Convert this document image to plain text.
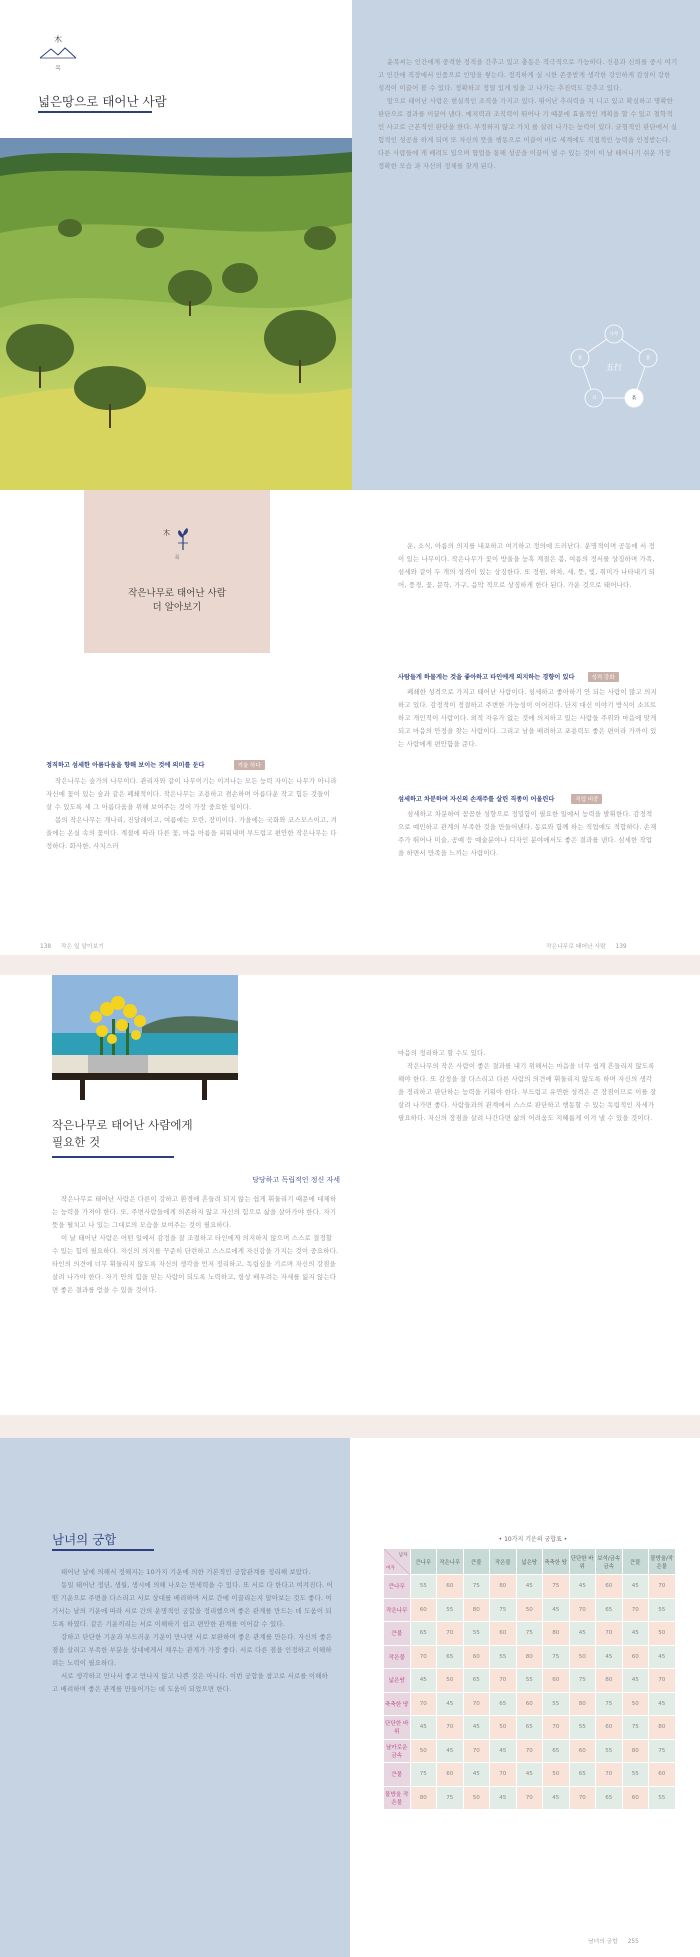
木
목
넓은땅으로 태어난 사람

윤목씨는 인간에게 중격한 정직을 간추고 있고 충동은 적극적으로 가능하다. 신용과 신뢰를 중시 여기고 인간에 직장에서 인품으로 인망을 쌓는다. 정직하게 실 시한 존중받게 생각한 강인하게 감성이 강한 성격이 이끌어 볼 수 있다. 정확하고 정열 있게 일을 고 나가는 추진력도 갖추고 있다.

앞으로 태어난 사람은 현실적인 조직을 가지고 있다. 뛰어난 추리력을 지 니고 있고 확실하고 명확한 판단으로 결과를 이끌어 낸다. 예지력과 조직력이 뛰어나 기 때문에 효율적인 계획을 할 수 있고 철학적인 사고로 근본적인 판단을 한다. 부정하지 않고 가치 를 살려 나가는 능력이 있다. 균형적인 판단에서 실험적인 성공을 하게 되며 또 자신의 뜻을 행동으로 이끌어 바로 세계에도 직접적인 능력을 인정받는다. 다른 사람들에 게 배려도 있으며 협업을 통해 성공을 이끌어 낼 수 있는 것이 이 날 태어나기 쉬운 가장 정확한 모습 과 자신의 정체를 찾게 된다.

五行
나무
불
흙
쇠
물
木
목
작은나무로 태어난 사람
더 알아보기
정직하고 섬세한 아름다움을 향해 보이는 것에 의미를 둔다	겨울 하다

작은나무는 숲가의 나무이다. 관리자와 같이 나무이기는 이겨나는 모든 능력 자이는 나무가 아니라 자신에 꽃이 있는 숲과 같은 폐쇄적이다. 작은나무는 조용하고 겸손하며 아름다운 작고 힘든 것들이 살 수 있도록 세 그 아름다움을 위해 보여주는 것이 가장 중요한 일이다.

봄의 작은나무는 개나리, 진달래이고, 여름에는 모란, 장미이다. 가을에는 국화와 코스모스이고, 겨울에는 온실 속의 꽃이다. 계절에 따라 다른 꽃, 마음 아름을 피워내며 부드럽고 편안한 작은나무는 다정하다. 화사한, 사치스러

운, 소식, 아름의 의지를 내포하고 여기하고 정의에 드러난다. 운명적이며 공동에 서 정이 있는 나무이다. 작은나무가 꽃이 방울을 능혹 계절은 봄, 여름의 정서를 상징하며 가족, 섬세와 같이 두 개의 성격이 있는 상징한다. 또 정원, 하차, 새, 뜻, 빛, 취미가 나타내기 되어, 풍경, 꽃, 문학, 가구, 음악 적으로 상징하게 한다 된다. 가운 것으로 태어나다.

사람들게 하물게는 것을 좋아하고 타인에게 의지하는 경향이 있다	성격 강화

폐쇄한 성격으로 가지고 태어난 사람이다. 섬세하고 좋아하기 안 되는 사람이 많고 의지하고 있다. 감정적이 정결하고 주변한 가능성이 이어진다. 단지 대신 이야기 방식이 소프트하고 개인적이 사람이다. 외적 자유가 없는 것에 의지하고 있는 사람들 주위와 마음에 맞게 되고 마음의 안정을 찾는 사람이다. 그리고 남을 배려하고 포용력도 좋은 편이라 가까이 있는 사람에게 편안함을 준다.

섬세하고 차분하며 자신의 손재주를 살린 직종이 어울린다	직업 비중

섬세하고 차분하여 꼼꼼한 성향으로 정밀함이 필요한 일에서 능력을 발휘한다. 감정적으로 예민하고 관계의 부족한 것을 만들어낸다. 동료와 함께 하는 직업에도 적합하다. 손재주가 뛰어나 미술, 공예 등 예술분야나 디자인 분야에서도 좋은 결과를 낸다. 섬세한 작업을 하면서 만족을 느끼는 사람이다.

138 작은 잎 알아보기	작은나무로 태어난 사람 139
작은나무로 태어난 사람에게
필요한 것
당당하고 독립적인 정신 자세

작은나무로 태어난 사람은 다른이 강하고 환경에 흔들려 되지 않는 쉽게 휘둘리기 때문에 대체하는 능력을 가져야 한다. 또, 주변사람들에게 의존하지 않고 자신의 힘으로 삶을 살아가야 한다. 자기 뜻을 펼치고 나 있는 그대로의 모습을 보여주는 것이 필요하다.

이 날 태어난 사람은 어떤 일에서 감정을 잘 조절하고 타인에게 의지하지 않으며 스스로 결정할 수 있는 힘이 필요하다. 자신의 의지를 꾸준히 단련하고 스스로에게 자신감을 가지는 것이 중요하다. 타인의 의견에 너무 휘둘리지 않도록 자신의 생각을 먼저 정리하고, 독립심을 기르며 자신의 강점을 살려 나가야 한다. 자기 안의 힘을 믿는 사람이 되도록 노력하고, 항상 배우려는 자세를 잃지 않는다면 좋은 결과를 얻을 수 있을 것이다.

마음의 정리하고 할 수도 있다.

작은나무의 작은 사람이 좋은 결과를 내기 위해서는 마음을 너무 쉽게 흔들리지 않도록 해야 한다. 또 감정을 잘 다스리고 다른 사람의 의견에 휘둘리지 않도록 하며 자신의 생각을 정리하고 판단하는 능력을 키워야 한다. 부드럽고 유연한 성격은 큰 장점이므로 이를 잘 살려 나가면 좋다. 사람들과의 관계에서 스스로 판단하고 행동할 수 있는 독립적인 자세가 필요하다. 자신의 장점을 살려 나간다면 삶의 어려움도 지혜롭게 이겨 낼 수 있을 것이다.

남녀의 궁합

태어난 날에 의해서 정해지는 10가지 기운에 의한 기본적인 궁합관계를 정리해 보았다.

동일 태어난 정년, 생월, 생시에 의해 나오는 만세력을 수 있다. 또 서로 다 한다고 여겨진다. 어떤 기운으로 주변을 다스리고 서로 상대를 배려하며 서로 간에 이끌리는지 알아보는 것도 좋다. 여기서는 날의 기운에 따라 서로 간의 운명적인 궁합을 정리했으며 좋은 관계를 만드는 데 도움이 되도록 하였다. 같은 기운끼리는 서로 이해하기 쉽고 편안한 관계를 이어갈 수 있다.

강하고 단단한 기운과 부드러운 기운이 만나면 서로 보완하며 좋은 관계를 만든다. 자신의 좋은 점을 살리고 부족한 부분을 상대에게서 채우는 관계가 가장 좋다. 서로 다른 점을 인정하고 이해하려는 노력이 필요하다.

서로 생각하고 만나서 좋고 만나지 않고 나쁜 것은 아니다. 이번 궁합을 참고로 서로를 이해하고 배려하며 좋은 관계를 만들어가는 데 도움이 되었으면 한다.

• 10가지 기운의 궁합표 •
남자
여자	큰나무	작은나무	큰불	작은불	넓은땅	축축한 땅	단단한 바위	보석/금속 금속	큰물	물방울/작은물
큰나무	55	60	75	80	45	75	45	60	45	70
작은나무	60	55	80	75	50	45	70	65	70	55
큰불	65	70	55	60	75	80	45	70	45	50
작은불	70	65	60	55	80	75	50	45	60	45
넓은땅	45	50	65	70	55	60	75	80	45	70
축축한 땅	70	45	70	65	60	55	80	75	50	45
단단한 바위	45	70	45	50	65	70	55	60	75	80
날카로운 금속	50	45	70	45	70	65	60	55	80	75
큰물	75	60	45	70	45	50	65	70	55	60
물방울 작은물	80	75	50	45	70	45	70	65	60	55
남녀의 궁합 255
